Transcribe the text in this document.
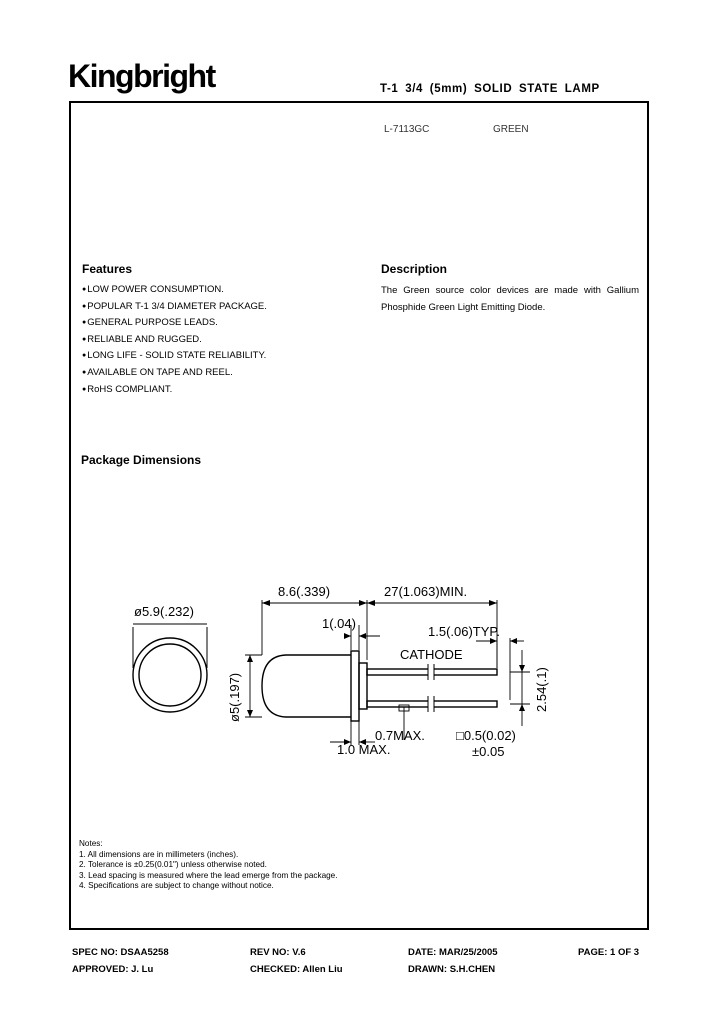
Kingbright	T-1 3/4 (5mm) SOLID STATE LAMP
L-7113GC	GREEN
Features
● LOW POWER CONSUMPTION.
● POPULAR T-1 3/4 DIAMETER PACKAGE.
● GENERAL PURPOSE LEADS.
● RELIABLE AND RUGGED.
● LONG LIFE - SOLID STATE RELIABILITY.
● AVAILABLE ON TAPE AND REEL.
● RoHS COMPLIANT.
Description
The Green source color devices are made with Gallium Phosphide Green Light Emitting Diode.
Package Dimensions
ø5.9(.232)
8.6(.339)	27(1.063)MIN.
1(.04)
1.5(.06)TYP.
CATHODE
1.0 MAX.
0.7MAX. □0.5(0.02)
±0.05
ø5(.197)	2.54(.1)
Notes:
1. All dimensions are in millimeters (inches).
2. Tolerance is ±0.25(0.01") unless otherwise noted.
3. Lead spacing is measured where the lead emerge from the package.
4. Specifications are subject to change without notice.
SPEC NO: DSAA5258	REV NO: V.6	DATE: MAR/25/2005	PAGE: 1 OF 3
APPROVED: J. Lu	CHECKED: Allen Liu	DRAWN: S.H.CHEN
